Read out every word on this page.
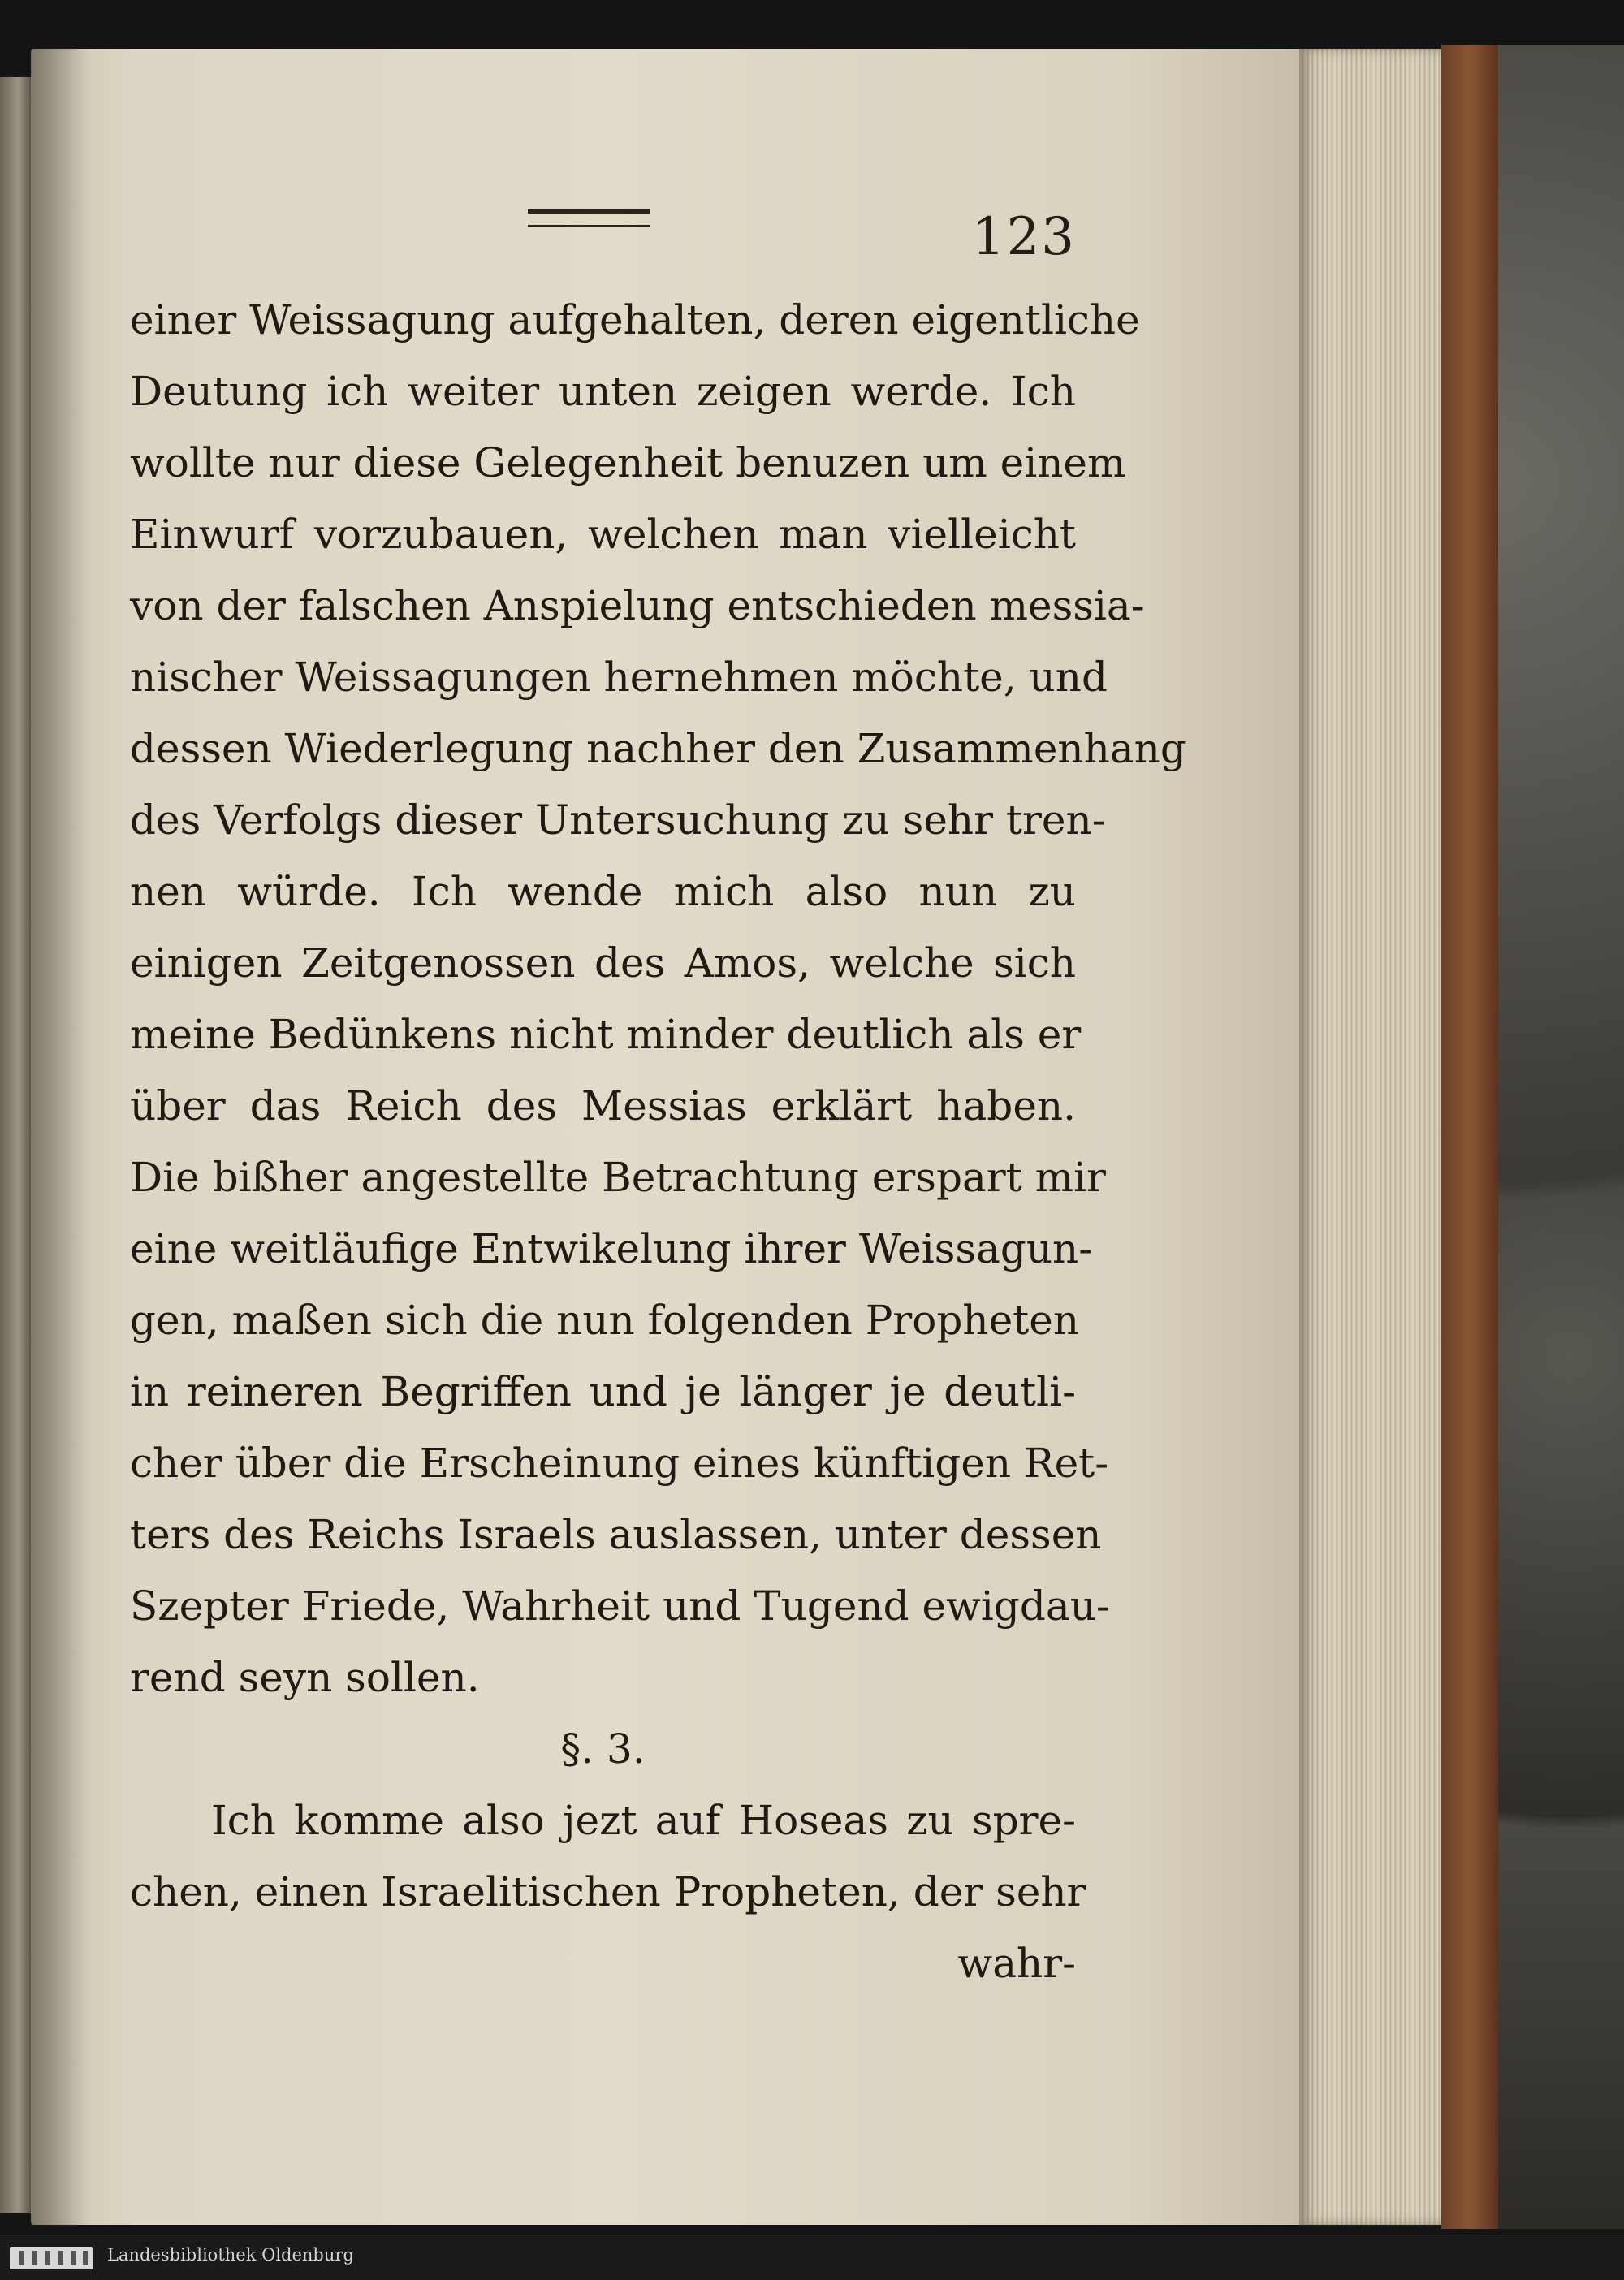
123
einer Weissagung aufgehalten, deren eigentliche
Deutung ich weiter unten zeigen werde. Ich
wollte nur diese Gelegenheit benuzen um einem
Einwurf vorzubauen, welchen man vielleicht
von der falschen Anspielung entschieden messia-
nischer Weissagungen hernehmen möchte, und
dessen Wiederlegung nachher den Zusammenhang
des Verfolgs dieser Untersuchung zu sehr tren-
nen würde. Ich wende mich also nun zu
einigen Zeitgenossen des Amos, welche sich
meine Bedünkens nicht minder deutlich als er
über das Reich des Messias erklärt haben.
Die bißher angestellte Betrachtung erspart mir
eine weitläufige Entwikelung ihrer Weissagun-
gen, maßen sich die nun folgenden Propheten
in reineren Begriffen und je länger je deutli-
cher über die Erscheinung eines künftigen Ret-
ters des Reichs Israels auslassen, unter dessen
Szepter Friede, Wahrheit und Tugend ewigdau-
rend seyn sollen.
§. 3.
Ich komme also jezt auf Hoseas zu spre-
chen, einen Israelitischen Propheten, der sehr
wahr-
Landesbibliothek Oldenburg
